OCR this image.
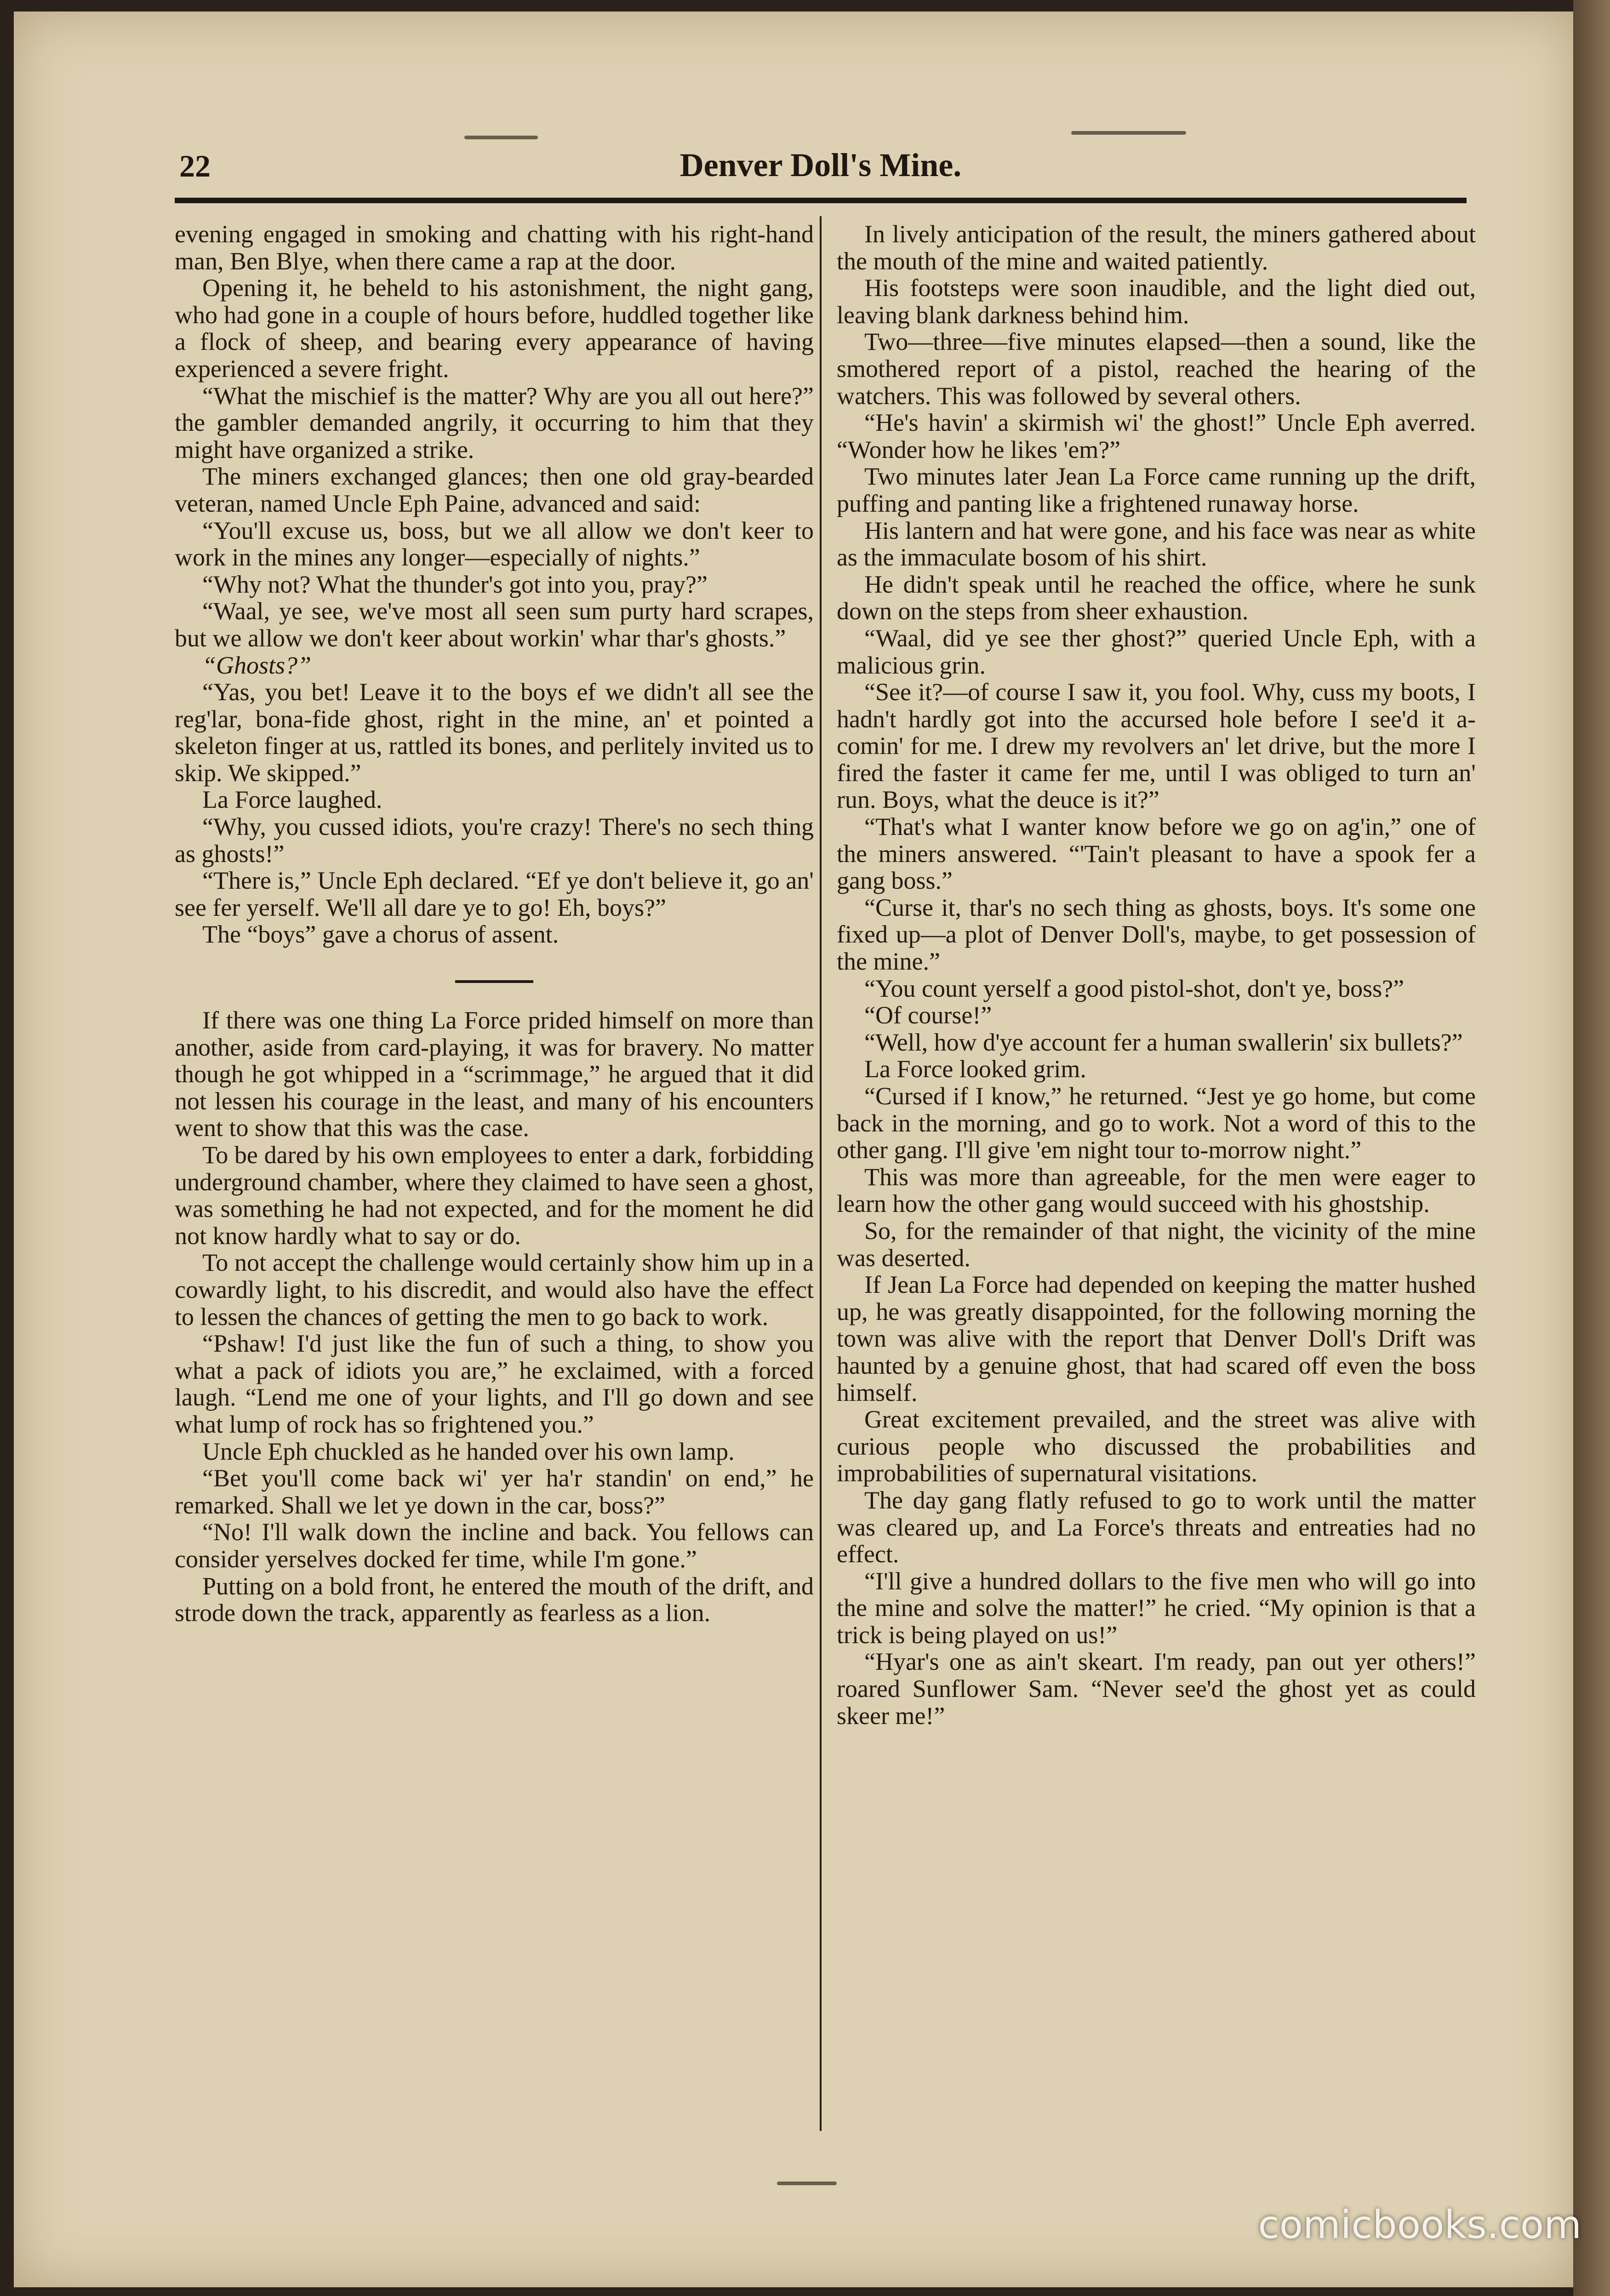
22	Denver Doll's Mine.

evening engaged in smoking and chatting with his right-hand man, Ben Blye, when there came a rap at the door.

Opening it, he beheld to his astonishment, the night gang, who had gone in a couple of hours before, huddled together like a flock of sheep, and bearing every appearance of having experienced a severe fright.

“What the mischief is the matter? Why are you all out here?” the gambler demanded angrily, it occurring to him that they might have organized a strike.

The miners exchanged glances; then one old gray-bearded veteran, named Uncle Eph Paine, advanced and said:

“You'll excuse us, boss, but we all allow we don't keer to work in the mines any longer—especially of nights.”

“Why not? What the thunder's got into you, pray?”

“Waal, ye see, we've most all seen sum purty hard scrapes, but we allow we don't keer about workin' whar thar's ghosts.”

“Ghosts?”

“Yas, you bet! Leave it to the boys ef we didn't all see the reg'lar, bona-fide ghost, right in the mine, an' et pointed a skeleton finger at us, rattled its bones, and perlitely invited us to skip. We skipped.”

La Force laughed.

“Why, you cussed idiots, you're crazy! There's no sech thing as ghosts!”

“There is,” Uncle Eph declared. “Ef ye don't believe it, go an' see fer yerself. We'll all dare ye to go! Eh, boys?”

The “boys” gave a chorus of assent.

If there was one thing La Force prided himself on more than another, aside from card-playing, it was for bravery. No matter though he got whipped in a “scrimmage,” he argued that it did not lessen his courage in the least, and many of his encounters went to show that this was the case.

To be dared by his own employees to enter a dark, forbidding underground chamber, where they claimed to have seen a ghost, was something he had not expected, and for the moment he did not know hardly what to say or do.

To not accept the challenge would certainly show him up in a cowardly light, to his discredit, and would also have the effect to lessen the chances of getting the men to go back to work.

“Pshaw! I'd just like the fun of such a thing, to show you what a pack of idiots you are,” he exclaimed, with a forced laugh. “Lend me one of your lights, and I'll go down and see what lump of rock has so frightened you.”

Uncle Eph chuckled as he handed over his own lamp.

“Bet you'll come back wi' yer ha'r standin' on end,” he remarked. Shall we let ye down in the car, boss?”

“No! I'll walk down the incline and back. You fellows can consider yerselves docked fer time, while I'm gone.”

Putting on a bold front, he entered the mouth of the drift, and strode down the track, apparently as fearless as a lion.

In lively anticipation of the result, the miners gathered about the mouth of the mine and waited patiently.

His footsteps were soon inaudible, and the light died out, leaving blank darkness behind him.

Two—three—five minutes elapsed—then a sound, like the smothered report of a pistol, reached the hearing of the watchers. This was followed by several others.

“He's havin' a skirmish wi' the ghost!” Uncle Eph averred. “Wonder how he likes 'em?”

Two minutes later Jean La Force came running up the drift, puffing and panting like a frightened runaway horse.

His lantern and hat were gone, and his face was near as white as the immaculate bosom of his shirt.

He didn't speak until he reached the office, where he sunk down on the steps from sheer exhaustion.

“Waal, did ye see ther ghost?” queried Uncle Eph, with a malicious grin.

“See it?—of course I saw it, you fool. Why, cuss my boots, I hadn't hardly got into the accursed hole before I see'd it a-comin' for me. I drew my revolvers an' let drive, but the more I fired the faster it came fer me, until I was obliged to turn an' run. Boys, what the deuce is it?”

“That's what I wanter know before we go on ag'in,” one of the miners answered. “'Tain't pleasant to have a spook fer a gang boss.”

“Curse it, thar's no sech thing as ghosts, boys. It's some one fixed up—a plot of Denver Doll's, maybe, to get possession of the mine.”

“You count yerself a good pistol-shot, don't ye, boss?”

“Of course!”

“Well, how d'ye account fer a human swallerin' six bullets?”

La Force looked grim.

“Cursed if I know,” he returned. “Jest ye go home, but come back in the morning, and go to work. Not a word of this to the other gang. I'll give 'em night tour to-morrow night.”

This was more than agreeable, for the men were eager to learn how the other gang would succeed with his ghostship.

So, for the remainder of that night, the vicinity of the mine was deserted.

If Jean La Force had depended on keeping the matter hushed up, he was greatly disappointed, for the following morning the town was alive with the report that Denver Doll's Drift was haunted by a genuine ghost, that had scared off even the boss himself.

Great excitement prevailed, and the street was alive with curious people who discussed the probabilities and improbabilities of supernatural visitations.

The day gang flatly refused to go to work until the matter was cleared up, and La Force's threats and entreaties had no effect.

“I'll give a hundred dollars to the five men who will go into the mine and solve the matter!” he cried. “My opinion is that a trick is being played on us!”

“Hyar's one as ain't skeart. I'm ready, pan out yer others!” roared Sunflower Sam. “Never see'd the ghost yet as could skeer me!”

comicbooks.com
